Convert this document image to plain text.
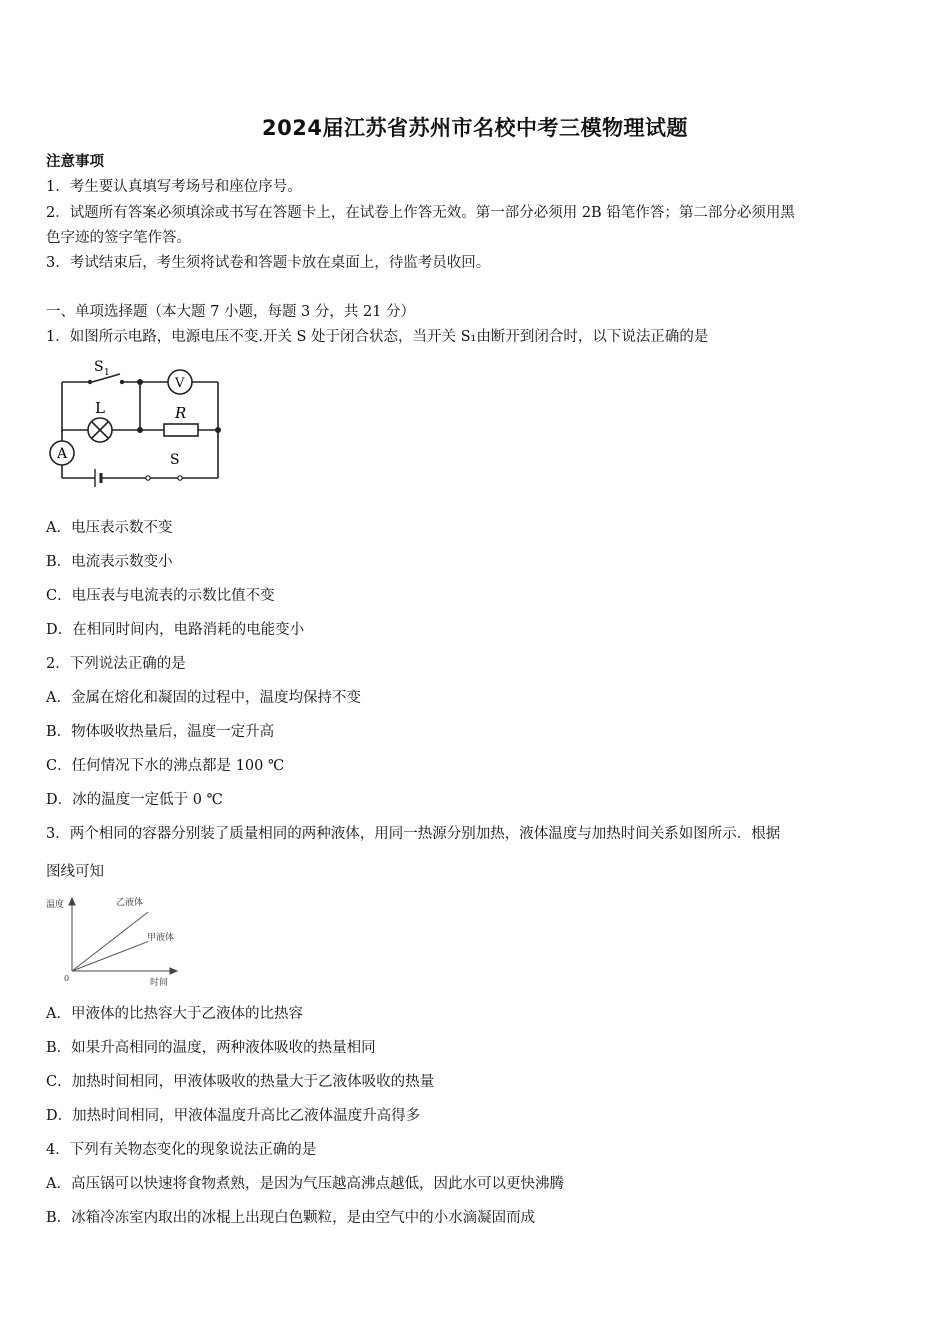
2024届江苏省苏州市名校中考三模物理试题
注意事项
1．考生要认真填写考场号和座位序号。
2．试题所有答案必须填涂或书写在答题卡上，在试卷上作答无效。第一部分必须用 2B 铅笔作答；第二部分必须用黑
色字迹的签字笔作答。
3．考试结束后，考生须将试卷和答题卡放在桌面上，待监考员收回。
一、单项选择题（本大题 7 小题，每题 3 分，共 21 分）
1．如图所示电路，电源电压不变.开关 S 处于闭合状态，当开关 S₁由断开到闭合时，以下说法正确的是
S 1
V
L	R
A	S
A．电压表示数不变
B．电流表示数变小
C．电压表与电流表的示数比值不变
D．在相同时间内，电路消耗的电能变小
2．下列说法正确的是
A．金属在熔化和凝固的过程中，温度均保持不变
B．物体吸收热量后，温度一定升高
C．任何情况下水的沸点都是 100 ℃
D．冰的温度一定低于 0 ℃
3．两个相同的容器分别装了质量相同的两种液体，用同一热源分别加热，液体温度与加热时间关系如图所示．根据
图线可知
温度
时间
0
乙液体
甲液体
A．甲液体的比热容大于乙液体的比热容
B．如果升高相同的温度，两种液体吸收的热量相同
C．加热时间相同，甲液体吸收的热量大于乙液体吸收的热量
D．加热时间相同，甲液体温度升高比乙液体温度升高得多
4．下列有关物态变化的现象说法正确的是
A．高压锅可以快速将食物煮熟，是因为气压越高沸点越低，因此水可以更快沸腾
B．冰箱冷冻室内取出的冰棍上出现白色颗粒，是由空气中的小水滴凝固而成
